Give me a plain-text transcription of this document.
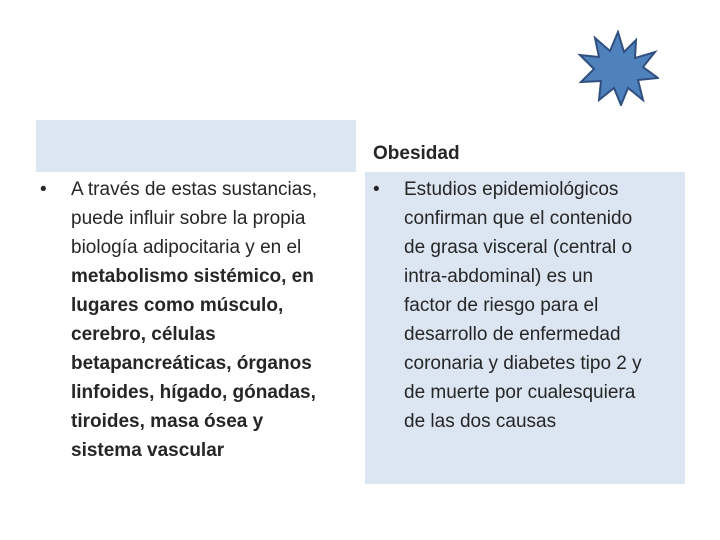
Obesidad
• A través de estas sustancias,
puede influir sobre la propia
biología adipocitaria y en el
metabolismo sistémico, en
lugares como músculo,
cerebro, células
betapancreáticas, órganos
linfoides, hígado, gónadas,
tiroides, masa ósea y
sistema vascular
• Estudios epidemiológicos
confirman que el contenido
de grasa visceral (central o
intra-abdominal) es un
factor de riesgo para el
desarrollo de enfermedad
coronaria y diabetes tipo 2 y
de muerte por cualesquiera
de las dos causas
